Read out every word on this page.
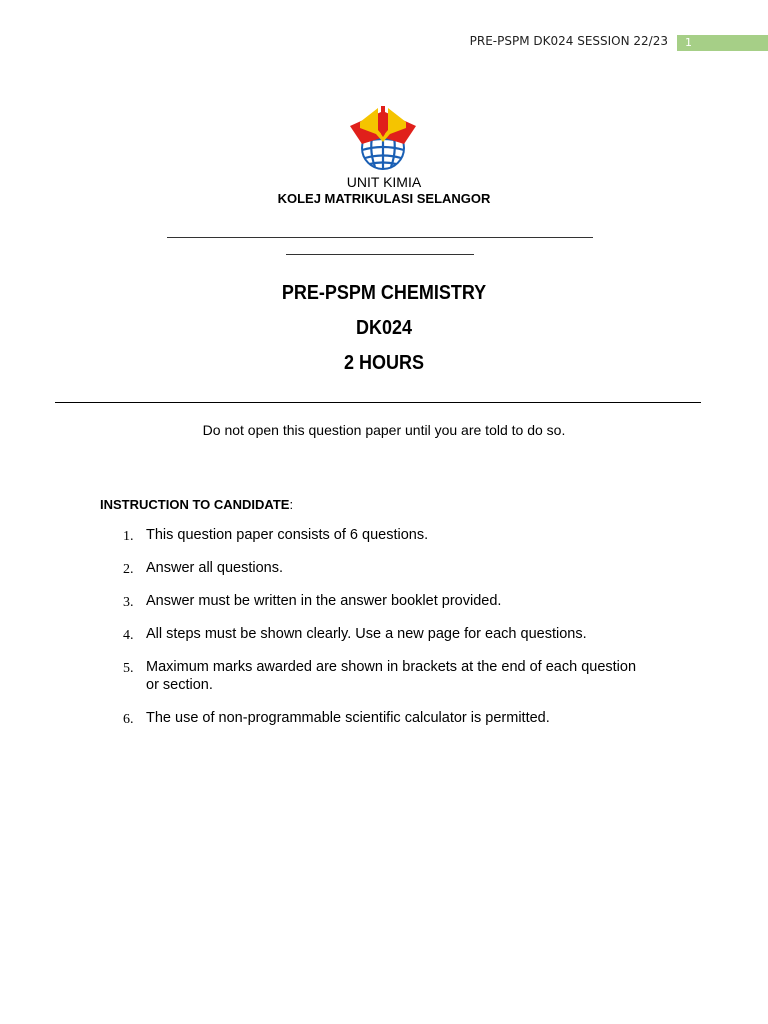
PRE-PSPM DK024 SESSION 22/23	1
UNIT KIMIA
KOLEJ MATRIKULASI SELANGOR
PRE-PSPM CHEMISTRY
DK024
2 HOURS
Do not open this question paper until you are told to do so.
INSTRUCTION TO CANDIDATE:
1. This question paper consists of 6 questions.
2. Answer all questions.
3. Answer must be written in the answer booklet provided.
4. All steps must be shown clearly. Use a new page for each questions.
5. Maximum marks awarded are shown in brackets at the end of each question or section.
6. The use of non-programmable scientific calculator is permitted.
